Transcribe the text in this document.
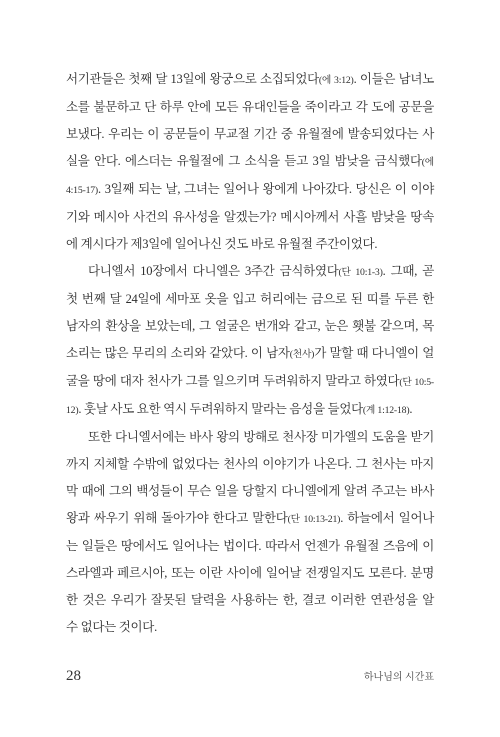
서기관들은 첫째 달 13일에 왕궁으로 소집되었다(에 3:12). 이들은 남녀노
소를 불문하고 단 하루 안에 모든 유대인들을 죽이라고 각 도에 공문을
보냈다. 우리는 이 공문들이 무교절 기간 중 유월절에 발송되었다는 사
실을 안다. 에스더는 유월절에 그 소식을 듣고 3일 밤낮을 금식했다(에
4:15-17). 3일째 되는 날, 그녀는 일어나 왕에게 나아갔다. 당신은 이 이야
기와 메시아 사건의 유사성을 알겠는가? 메시아께서 사흘 밤낮을 땅속
에 계시다가 제3일에 일어나신 것도 바로 유월절 주간이었다.
다니엘서 10장에서 다니엘은 3주간 금식하였다(단 10:1-3). 그때, 곧
첫 번째 달 24일에 세마포 옷을 입고 허리에는 금으로 된 띠를 두른 한
남자의 환상을 보았는데, 그 얼굴은 번개와 같고, 눈은 횃불 같으며, 목
소리는 많은 무리의 소리와 같았다. 이 남자(천사)가 말할 때 다니엘이 얼
굴을 땅에 대자 천사가 그를 일으키며 두려워하지 말라고 하였다(단 10:5-
12). 훗날 사도 요한 역시 두려워하지 말라는 음성을 들었다(계 1:12-18).
또한 다니엘서에는 바사 왕의 방해로 천사장 미가엘의 도움을 받기
까지 지체할 수밖에 없었다는 천사의 이야기가 나온다. 그 천사는 마지
막 때에 그의 백성들이 무슨 일을 당할지 다니엘에게 알려 주고는 바사
왕과 싸우기 위해 돌아가야 한다고 말한다(단 10:13-21). 하늘에서 일어나
는 일들은 땅에서도 일어나는 법이다. 따라서 언젠가 유월절 즈음에 이
스라엘과 페르시아, 또는 이란 사이에 일어날 전쟁일지도 모른다. 분명
한 것은 우리가 잘못된 달력을 사용하는 한, 결코 이러한 연관성을 알
수 없다는 것이다.
28	하나님의 시간표
